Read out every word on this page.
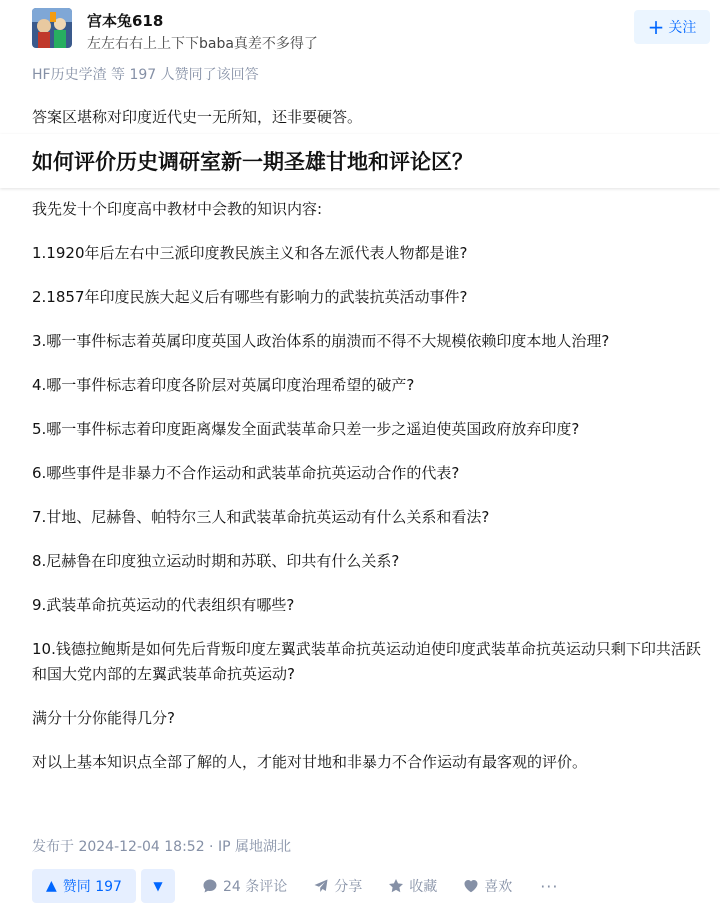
宫本兔618
左左右右上上下下baba真差不多得了
+ 关注
HF历史学渣 等 197 人赞同了该回答
答案区堪称对印度近代史一无所知，还非要硬答。
如何评价历史调研室新一期圣雄甘地和评论区？

我先发十个印度高中教材中会教的知识内容:

1.1920年后左右中三派印度教民族主义和各左派代表人物都是谁?

2.1857年印度民族大起义后有哪些有影响力的武装抗英活动事件?

3.哪一事件标志着英属印度英国人政治体系的崩溃而不得不大规模依赖印度本地人治理?

4.哪一事件标志着印度各阶层对英属印度治理希望的破产?

5.哪一事件标志着印度距离爆发全面武装革命只差一步之遥迫使英国政府放弃印度?

6.哪些事件是非暴力不合作运动和武装革命抗英运动合作的代表?

7.甘地、尼赫鲁、帕特尔三人和武装革命抗英运动有什么关系和看法?

8.尼赫鲁在印度独立运动时期和苏联、印共有什么关系?

9.武装革命抗英运动的代表组织有哪些?

10.钱德拉鲍斯是如何先后背叛印度左翼武装革命抗英运动迫使印度武装革命抗英运动只剩下印共活跃和国大党内部的左翼武装革命抗英运动?

满分十分你能得几分?

对以上基本知识点全部了解的人，才能对甘地和非暴力不合作运动有最客观的评价。

发布于 2024-12-04 18:52 · IP 属地湖北
▲ 赞同 197	▼	24 条评论	分享	收藏	喜欢 ···
